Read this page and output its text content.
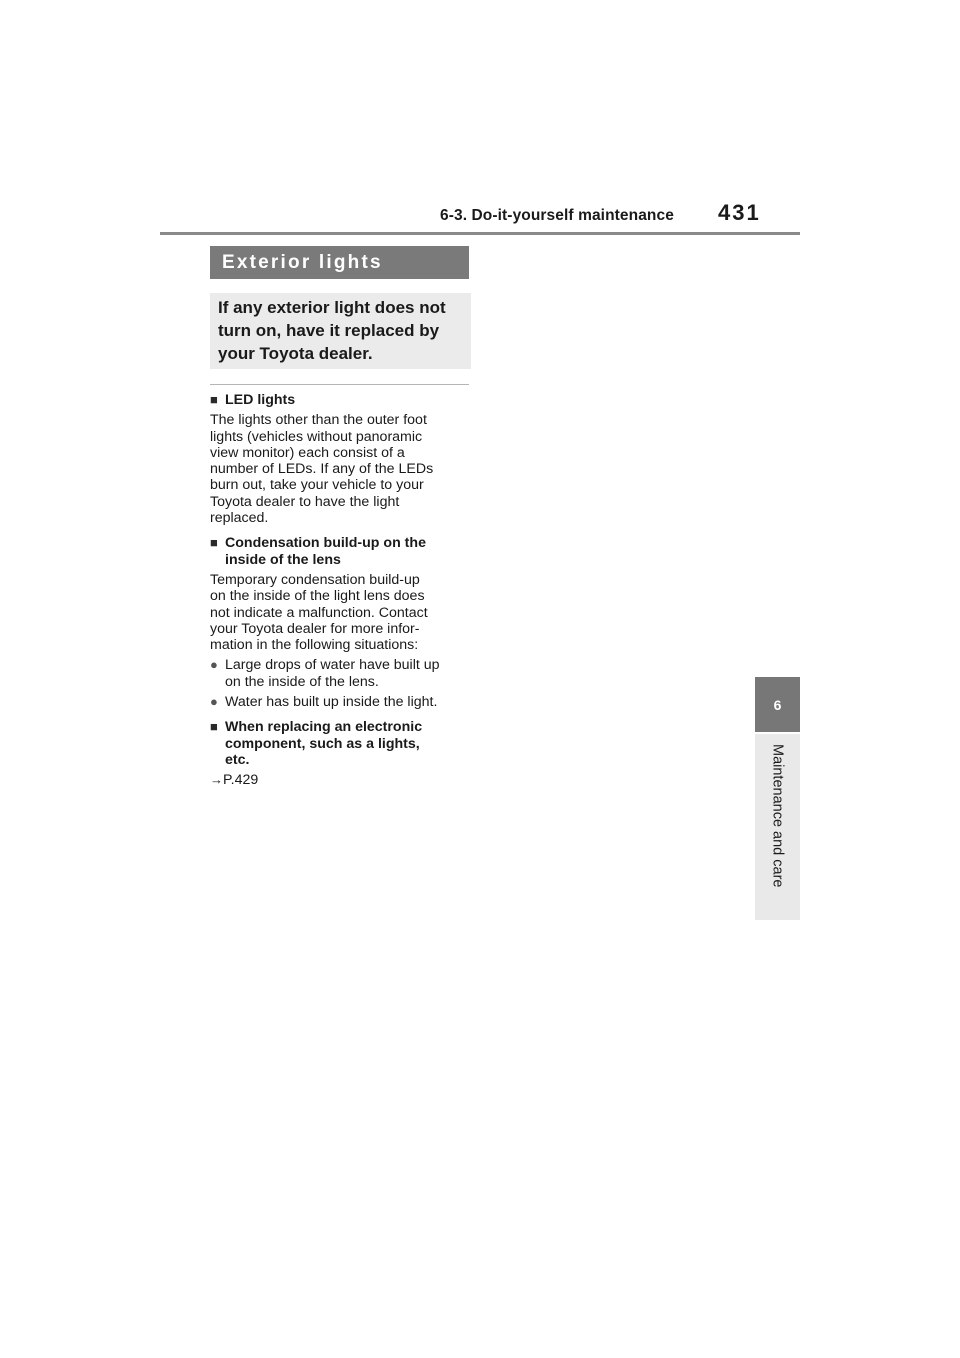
6-3. Do-it-yourself maintenance 431
6
Maintenance and care
Exterior lights
If any exterior light does not
turn on, have it replaced by
your Toyota dealer.
■ LED lights
The lights other than the outer foot
lights (vehicles without panoramic
view monitor) each consist of a
number of LEDs. If any of the LEDs
burn out, take your vehicle to your
Toyota dealer to have the light
replaced.
■ Condensation build-up on the
inside of the lens
Temporary condensation build-up
on the inside of the light lens does
not indicate a malfunction. Contact
your Toyota dealer for more infor-
mation in the following situations:
● Large drops of water have built up
on the inside of the lens.
● Water has built up inside the light.
■ When replacing an electronic
component, such as a lights,
etc.
→P.429
